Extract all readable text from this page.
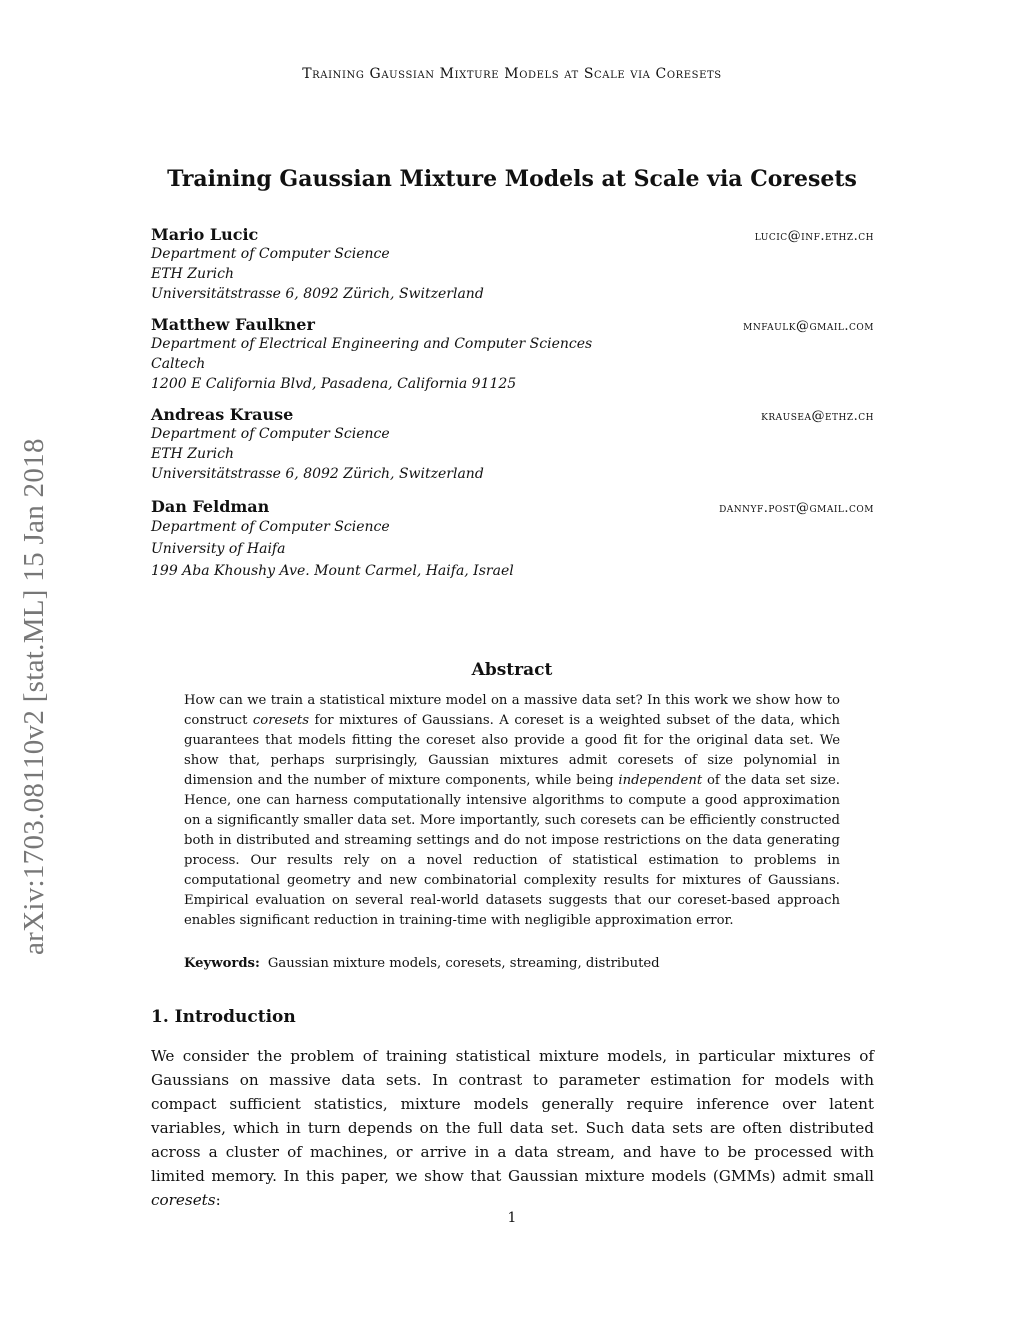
Training Gaussian Mixture Models at Scale via Coresets
arXiv:1703.08110v2 [stat.ML] 15 Jan 2018
Training Gaussian Mixture Models at Scale via Coresets
Mario Lucic	lucic@inf.ethz.ch
Department of Computer Science
ETH Zurich
Universitätstrasse 6, 8092 Zürich, Switzerland
Matthew Faulkner	mnfaulk@gmail.com
Department of Electrical Engineering and Computer Sciences
Caltech
1200 E California Blvd, Pasadena, California 91125
Andreas Krause	krausea@ethz.ch
Department of Computer Science
ETH Zurich
Universitätstrasse 6, 8092 Zürich, Switzerland
Dan Feldman	dannyf.post@gmail.com
Department of Computer Science
University of Haifa
199 Aba Khoushy Ave. Mount Carmel, Haifa, Israel
Abstract
How can we train a statistical mixture model on a massive data set? In this work we show how to construct coresets for mixtures of Gaussians. A coreset is a weighted subset of the data, which guarantees that models fitting the coreset also provide a good fit for the original data set. We show that, perhaps surprisingly, Gaussian mixtures admit coresets of size polynomial in dimension and the number of mixture components, while being independent of the data set size. Hence, one can harness computationally intensive algorithms to compute a good approximation on a significantly smaller data set. More importantly, such coresets can be efficiently constructed both in distributed and streaming settings and do not impose restrictions on the data generating process. Our results rely on a novel reduction of statistical estimation to problems in computational geometry and new combinatorial complexity results for mixtures of Gaussians. Empirical evaluation on several real-world datasets suggests that our coreset-based approach enables significant reduction in training-time with negligible approximation error.
Keywords: Gaussian mixture models, coresets, streaming, distributed
1. Introduction
We consider the problem of training statistical mixture models, in particular mixtures of Gaussians on massive data sets. In contrast to parameter estimation for models with compact sufficient statistics, mixture models generally require inference over latent variables, which in turn depends on the full data set. Such data sets are often distributed across a cluster of machines, or arrive in a data stream, and have to be processed with limited memory. In this paper, we show that Gaussian mixture models (GMMs) admit small coresets:
1
